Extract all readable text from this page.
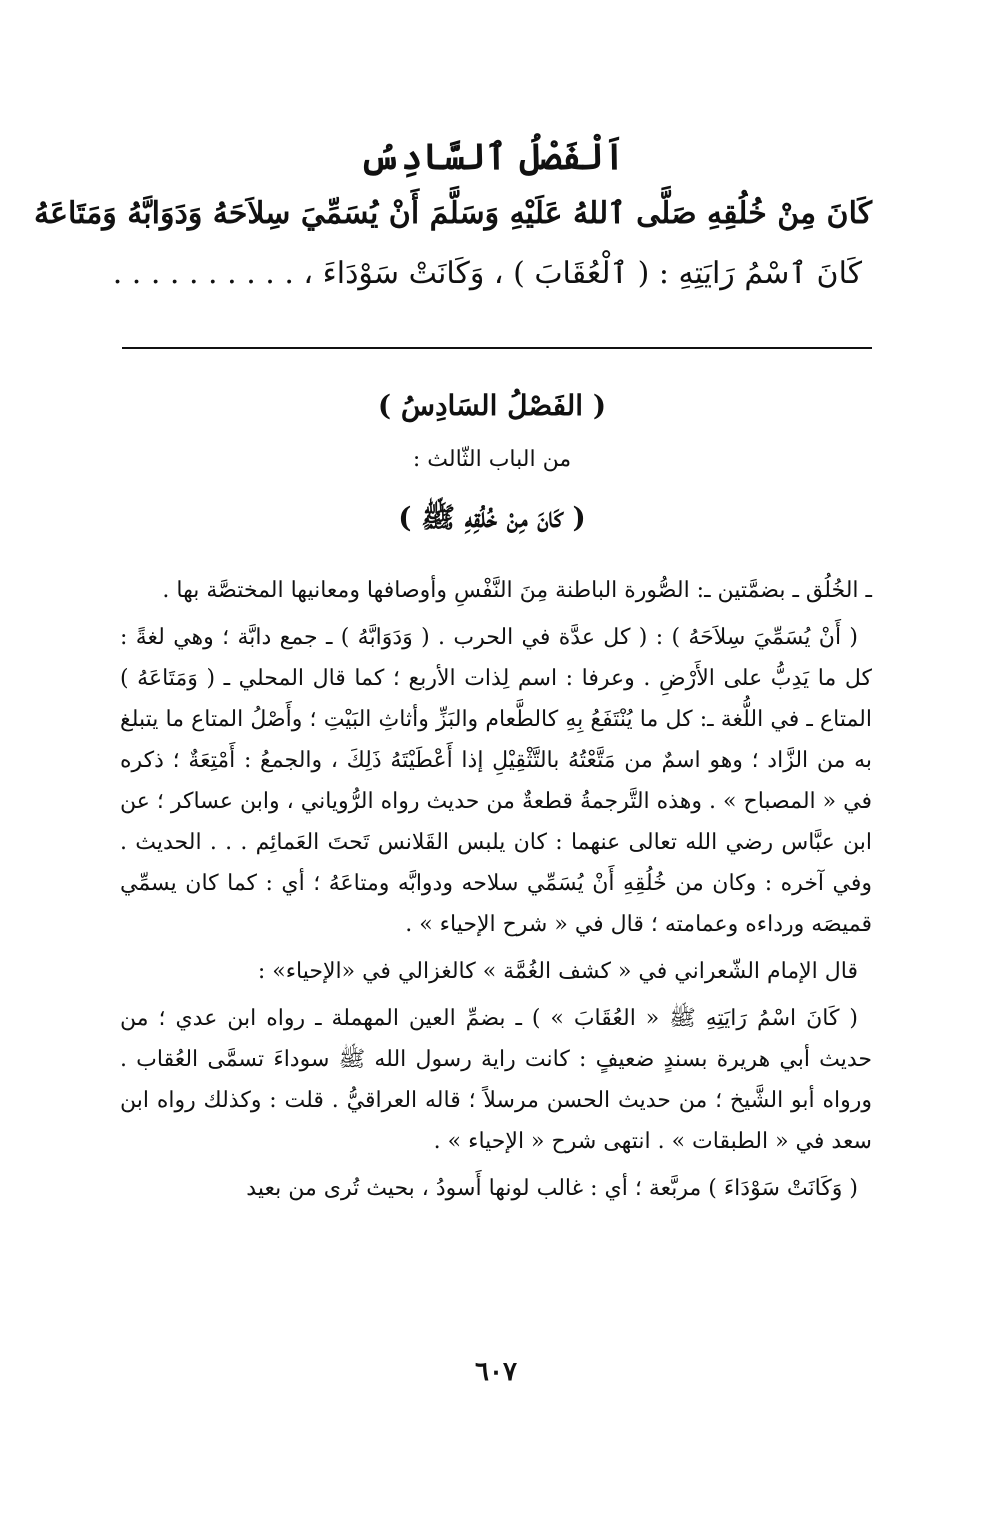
اَلْفَصْلُ ٱلسَّادِسُ

كَانَ مِنْ خُلُقِهِ صَلَّى ٱللهُ عَلَيْهِ وَسَلَّمَ أَنْ يُسَمِّيَ سِلاَحَهُ وَدَوَابَّهُ وَمَتَاعَهُ

كَانَ ٱسْمُ رَايَتِهِ : ( ٱلْعُقَابَ ) ، وَكَانَتْ سَوْدَاءَ ، . . . . . . . . . .

( الفَصْلُ السَادِسُ )

من الباب الثّالث :

( كَانَ مِنْ خُلُقِهِ ﷺ )

ـ الخُلُق ـ بضمَّتين ـ: الصُّورة الباطنة مِنَ النَّفْسِ وأوصافها ومعانيها المختصَّة بها .

( أَنْ يُسَمِّيَ سِلاَحَهُ ) : ( كل عدَّة في الحرب . ( وَدَوَابَّهُ ) ـ جمع دابَّة ؛ وهي لغةً : كل ما يَدِبُّ على الأَرْضِ . وعرفا : اسم لِذات الأربع ؛ كما قال المحلي ـ ( وَمَتَاعَهُ ) المتاع ـ في اللُّغة ـ: كل ما يُنْتَفَعُ بِهِ كالطَّعام والبَزِّ وأثاثِ البَيْتِ ؛ وأَصْلُ المتاع ما يتبلغ به من الزَّاد ؛ وهو اسمٌ من مَتَّعْتُهُ بالتَّثْقِيْلِ إذا أَعْطَيْتَهُ ذَلِكَ ، والجمعُ : أَمْتِعَةٌ ؛ ذكره في « المصباح » . وهذه التَّرجمةُ قطعةٌ من حديث رواه الرُّوياني ، وابن عساكر ؛ عن ابن عبَّاس رضي الله تعالى عنهما : كان يلبس القَلانس تَحتَ العَمائِم . . . الحديث . وفي آخره : وكان من خُلُقِهِ أَنْ يُسَمِّي سلاحه ودوابَّه ومتاعَهُ ؛ أي : كما كان يسمِّي قميصَه ورداءه وعمامته ؛ قال في « شرح الإحياء » .

قال الإمام الشّعراني في « كشف الغُمَّة » كالغزالي في «الإحياء» :

( كَانَ اسْمُ رَايَتِهِ ﷺ « العُقَابَ » ) ـ بضمِّ العين المهملة ـ رواه ابن عدي ؛ من حديث أبي هريرة بسندٍ ضعيفٍ : كانت راية رسول الله ﷺ سوداءَ تسمَّى العُقاب . ورواه أبو الشَّيخ ؛ من حديث الحسن مرسلاً ؛ قاله العراقيُّ . قلت : وكذلك رواه ابن سعد في « الطبقات » . انتهى شرح « الإحياء » .

( وَكَانَتْ سَوْدَاءَ ) مربَّعة ؛ أي : غالب لونها أَسودُ ، بحيث تُرى من بعيد

٦٠٧
